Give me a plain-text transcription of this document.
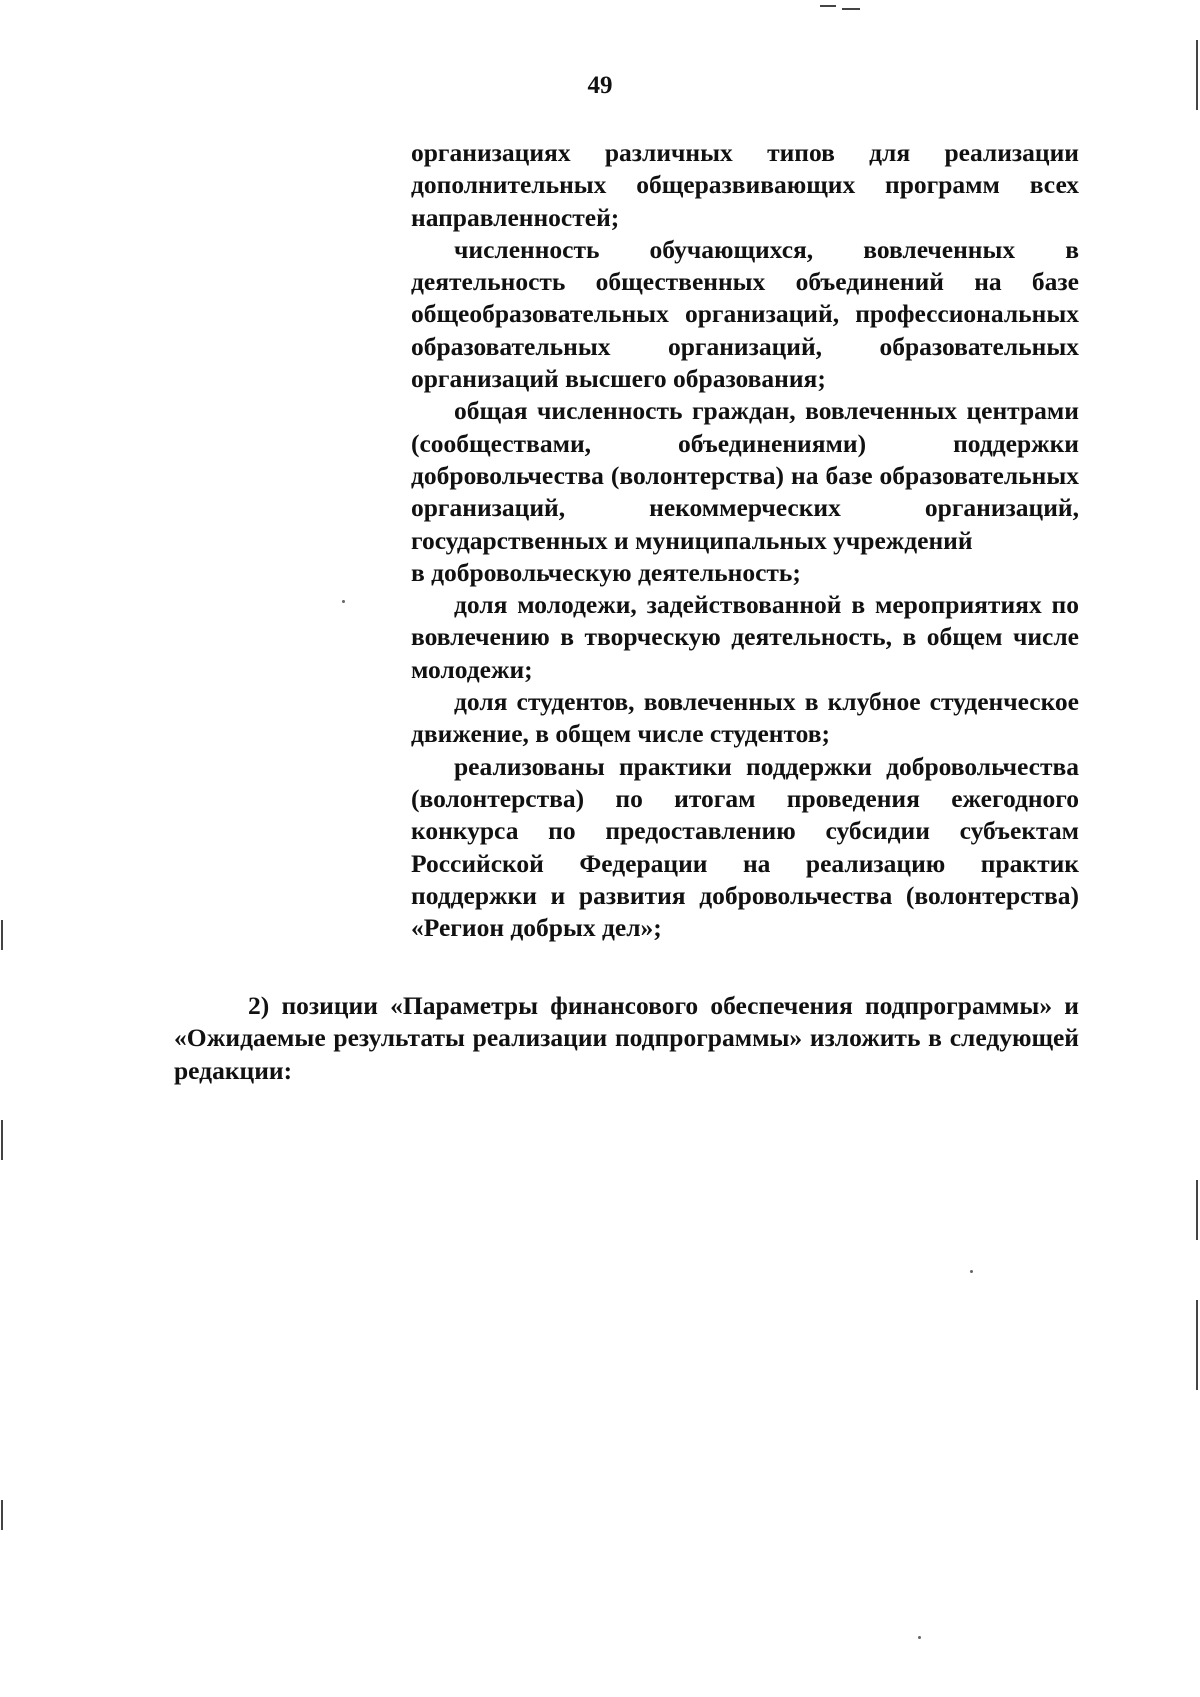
49

организациях различных типов для реализации дополнительных общеразвивающих программ всех направленностей;

численность обучающихся, вовлеченных в деятельность общественных объединений на базе общеобразовательных организаций, профессиональных образовательных организаций, образовательных организаций высшего образования;

общая численность граждан, вовлеченных центрами (сообществами, объединениями) поддержки добровольчества (волонтерства) на базе образовательных организаций, некоммерческих организаций, государственных и муниципальных учреждений

в добровольческую деятельность;

доля молодежи, задействованной в мероприятиях по вовлечению в творческую деятельность, в общем числе молодежи;

доля студентов, вовлеченных в клубное студенческое движение, в общем числе студентов;

реализованы практики поддержки добровольчества (волонтерства) по итогам проведения ежегодного конкурса по предоставлению субсидии субъектам Российской Федерации на реализацию практик поддержки и развития добровольчества (волонтерства) «Регион добрых дел»;

2) позиции «Параметры финансового обеспечения подпрограммы» и «Ожидаемые результаты реализации подпрограммы» изложить в следующей редакции:
